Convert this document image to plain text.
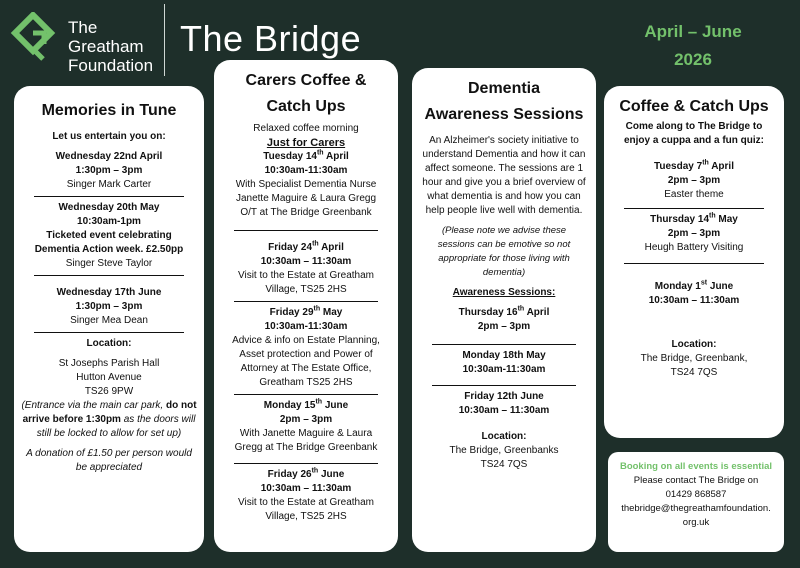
The
Greatham
Foundation
The Bridge	April – June
2026
Memories in Tune

Let us entertain you on:

Wednesday 22nd April

1:30pm – 3pm

Singer Mark Carter

Wednesday 20th May

10:30am-1pm

Ticketed event celebrating

Dementia Action week. £2.50pp

Singer Steve Taylor

Wednesday 17th June

1:30pm – 3pm

Singer Mea Dean

Location:

St Josephs Parish Hall

Hutton Avenue

TS26 9PW

(Entrance via the main car park, do not arrive before 1:30pm as the doors will still be locked to allow for set up)

A donation of £1.50 per person would be appreciated

Carers Coffee &
Catch Ups

Relaxed coffee morning

Just for Carers

Tuesday 14th April

10:30am-11:30am

With Specialist Dementia Nurse

Janette Maguire & Laura Gregg

O/T at The Bridge Greenbank

Friday 24th April

10:30am – 11:30am

Visit to the Estate at Greatham

Village, TS25 2HS

Friday 29th May

10:30am-11:30am

Advice & info on Estate Planning,

Asset protection and Power of

Attorney at The Estate Office,

Greatham TS25 2HS

Monday 15th June

2pm – 3pm

With Janette Maguire & Laura

Gregg at The Bridge Greenbank

Friday 26th June

10:30am – 11:30am

Visit to the Estate at Greatham

Village, TS25 2HS

Dementia
Awareness Sessions

An Alzheimer's society initiative to understand Dementia and how it can affect someone. The sessions are 1 hour and give you a brief overview of what dementia is and how you can help people live well with dementia.

(Please note we advise these sessions can be emotive so not appropriate for those living with dementia)

Awareness Sessions:

Thursday 16th April

2pm – 3pm

Monday 18th May

10:30am-11:30am

Friday 12th June

10:30am – 11:30am

Location:

The Bridge, Greenbanks

TS24 7QS

Coffee & Catch Ups

Come along to The Bridge to enjoy a cuppa and a fun quiz:

Tuesday 7th April

2pm – 3pm

Easter theme

Thursday 14th May

2pm – 3pm

Heugh Battery Visiting

Monday 1st June

10:30am – 11:30am

Location:

The Bridge, Greenbank,

TS24 7QS

Booking on all events is essential

Please contact The Bridge on

01429 868587

thebridge@thegreathamfoundation.

org.uk
